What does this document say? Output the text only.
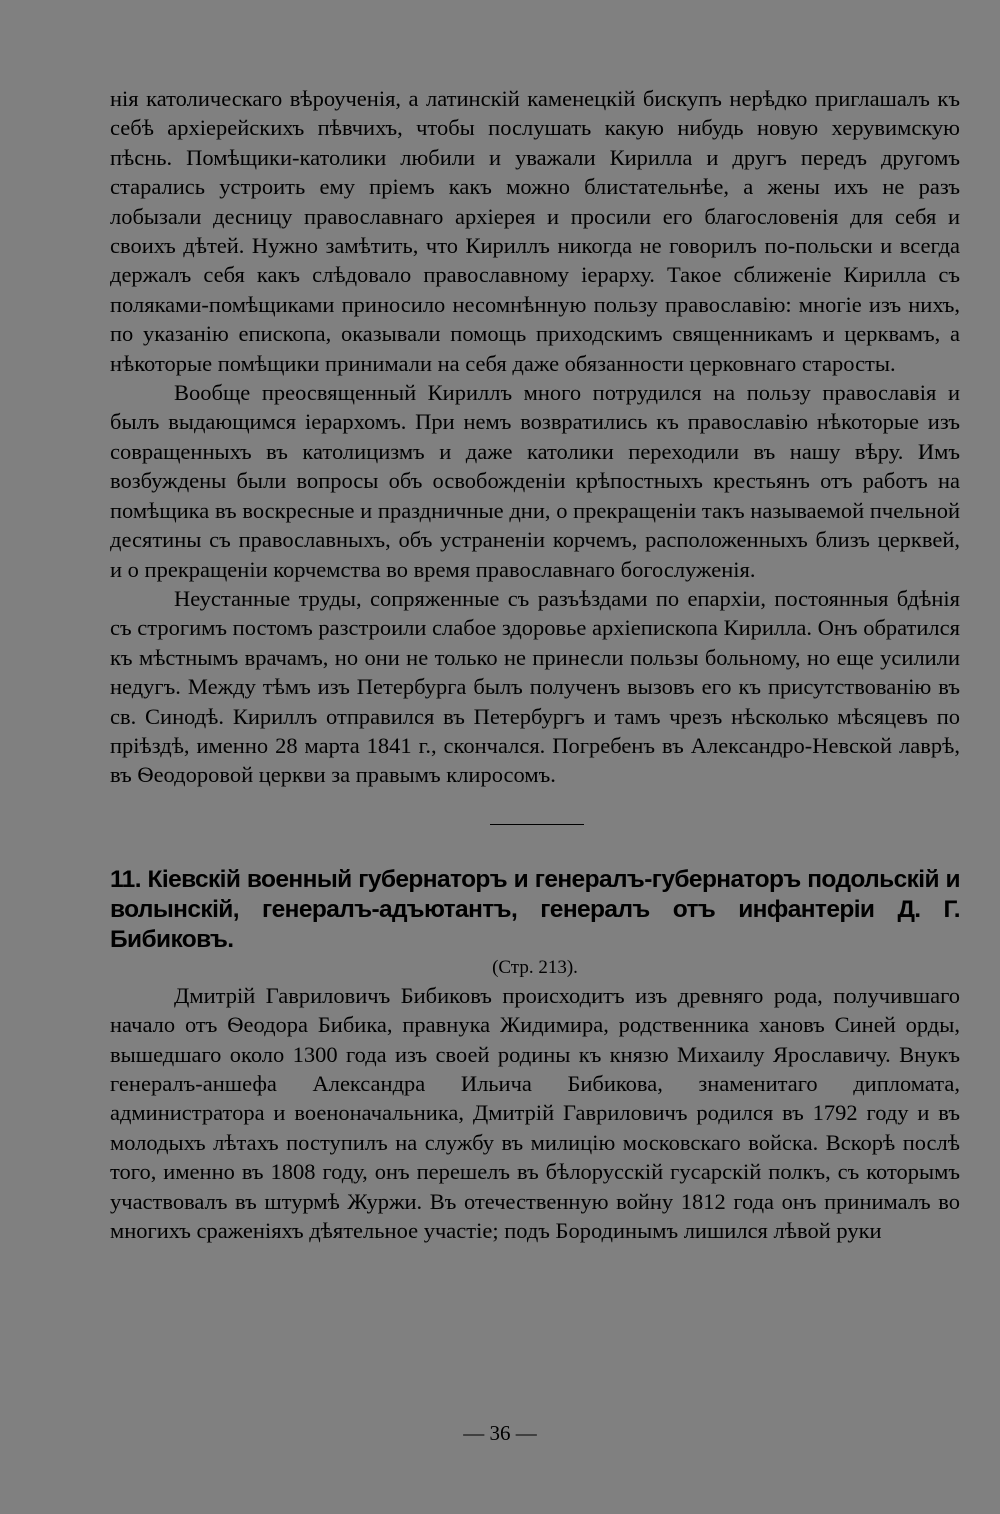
нія католическаго вѣроученія, а латинскій каменецкій бискупъ нерѣдко приглашалъ къ себѣ архіерейскихъ пѣвчихъ, чтобы послушать какую нибудь новую херувимскую пѣснь. Помѣщики-католики любили и уважали Кирилла и другъ передъ другомъ старались устроить ему пріемъ какъ можно блистательнѣе, а жены ихъ не разъ лобызали десницу православнаго архіерея и просили его благословенія для себя и своихъ дѣтей. Нужно замѣтить, что Кириллъ никогда не говорилъ по-польски и всегда держалъ себя какъ слѣдовало православному іерарху. Такое сближеніе Кирилла съ поляками-помѣщиками приносило несомнѣнную пользу православію: многіе изъ нихъ, по указанію епископа, оказывали помощь приходскимъ священникамъ и церквамъ, а нѣкоторые помѣщики принимали на себя даже обязанности церковнаго старосты.

Вообще преосвященный Кириллъ много потрудился на пользу православія и былъ выдающимся іерархомъ. При немъ возвратились къ православію нѣкоторые изъ совращенныхъ въ католицизмъ и даже католики переходили въ нашу вѣру. Имъ возбуждены были вопросы объ освобожденіи крѣпостныхъ крестьянъ отъ работъ на помѣщика въ воскресные и праздничные дни, о прекращеніи такъ называемой пчельной десятины съ православныхъ, объ устраненіи корчемъ, расположенныхъ близъ церквей, и о прекращеніи корчемства во время православнаго богослуженія.

Неустанные труды, сопряженные съ разъѣздами по епархіи, постоянныя бдѣнія съ строгимъ постомъ разстроили слабое здоровье архіепископа Кирилла. Онъ обратился къ мѣстнымъ врачамъ, но они не только не принесли пользы больному, но еще усилили недугъ. Между тѣмъ изъ Петербурга былъ полученъ вызовъ его къ присутствованію въ св. Синодѣ. Кириллъ отправился въ Петербургъ и тамъ чрезъ нѣсколько мѣсяцевъ по пріѣздѣ, именно 28 марта 1841 г., скончался. Погребенъ въ Александро-Невской лаврѣ, въ Ѳеодоровой церкви за правымъ клиросомъ.

11. Кіевскій военный губернаторъ и генералъ-губернаторъ подольскій и волынскій, генералъ-адъютантъ, генералъ отъ инфантеріи Д. Г. Бибиковъ.
(Стр. 213).

Дмитрій Гавриловичъ Бибиковъ происходитъ изъ древняго рода, получившаго начало отъ Ѳеодора Бибика, правнука Жидимира, родственника хановъ Синей орды, вышедшаго около 1300 года изъ своей родины къ князю Михаилу Ярославичу. Внукъ генералъ-аншефа Александра Ильича Бибикова, знаменитаго дипломата, администратора и военоначальника, Дмитрій Гавриловичъ родился въ 1792 году и въ молодыхъ лѣтахъ поступилъ на службу въ милицію московскаго войска. Вскорѣ послѣ того, именно въ 1808 году, онъ перешелъ въ бѣлорусскій гусарскій полкъ, съ которымъ участвовалъ въ штурмѣ Журжи. Въ отечественную войну 1812 года онъ принималъ во многихъ сраженіяхъ дѣятельное участіе; подъ Бородинымъ лишился лѣвой руки

— 36 —
